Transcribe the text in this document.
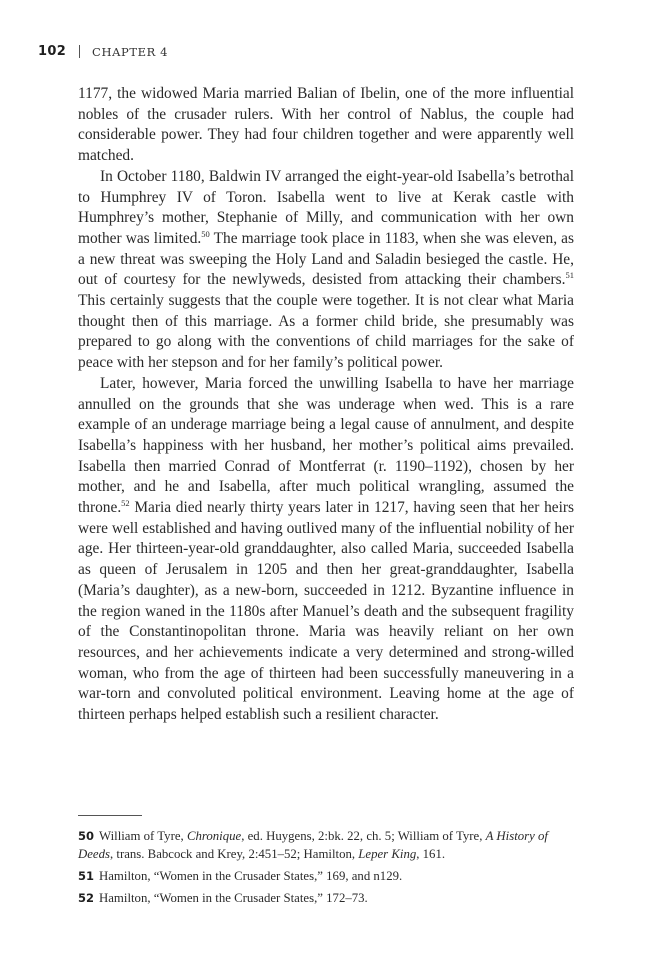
102 CHAPTER 4

1177, the widowed Maria married Balian of Ibelin, one of the more influential nobles of the crusader rulers. With her control of Nablus, the couple had considerable power. They had four children together and were apparently well matched.

In October 1180, Baldwin IV arranged the eight-year-old Isabella’s betrothal to Humphrey IV of Toron. Isabella went to live at Kerak castle with Humphrey’s mother, Stephanie of Milly, and communication with her own mother was limited.$^{50}$ The marriage took place in 1183, when she was eleven, as a new threat was sweeping the Holy Land and Saladin besieged the castle. He, out of courtesy for the newlyweds, desisted from attacking their chambers.$^{51}$ This certainly suggests that the couple were together. It is not clear what Maria thought then of this marriage. As a former child bride, she presumably was prepared to go along with the conventions of child marriages for the sake of peace with her stepson and for her family’s political power.

Later, however, Maria forced the unwilling Isabella to have her marriage annulled on the grounds that she was underage when wed. This is a rare example of an underage marriage being a legal cause of annulment, and despite Isabella’s happiness with her husband, her mother’s political aims prevailed. Isabella then married Conrad of Montferrat (r. 1190–1192), chosen by her mother, and he and Isabella, after much political wrangling, assumed the throne.$^{52}$ Maria died nearly thirty years later in 1217, having seen that her heirs were well established and having outlived many of the influential nobility of her age. Her thirteen-year-old granddaughter, also called Maria, succeeded Isabella as queen of Jerusalem in 1205 and then her great-granddaughter, Isabella (Maria’s daughter), as a new-born, succeeded in 1212. Byzantine influence in the region waned in the 1180s after Manuel’s death and the subsequent fragility of the Constantinopolitan throne. Maria was heavily reliant on her own resources, and her achievements indicate a very determined and strong-willed woman, who from the age of thirteen had been successfully maneuvering in a war-torn and convoluted political environment. Leaving home at the age of thirteen perhaps helped establish such a resilient character.

50 William of Tyre, Chronique, ed. Huygens, 2:bk. 22, ch. 5; William of Tyre, A History of Deeds, trans. Babcock and Krey, 2:451–52; Hamilton, Leper King, 161.

51 Hamilton, “Women in the Crusader States,” 169, and n129.

52 Hamilton, “Women in the Crusader States,” 172–73.
